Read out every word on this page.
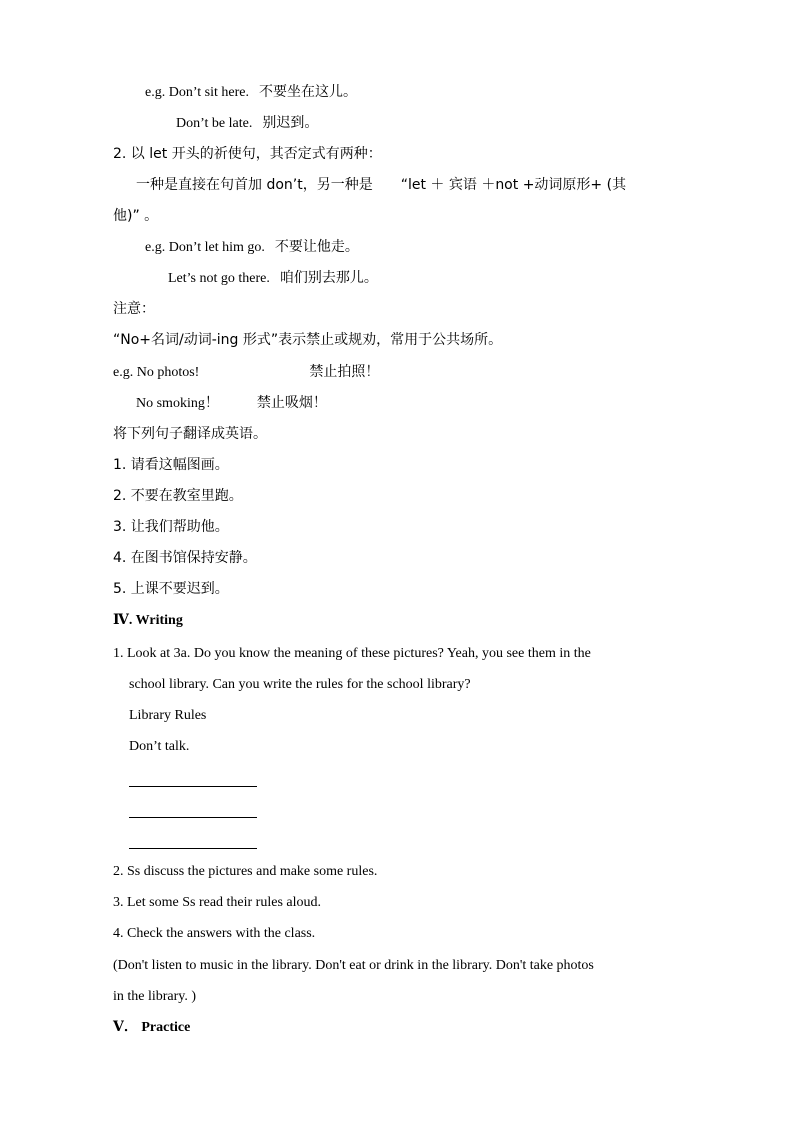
e.g. Don’t sit here. 不要坐在这儿。
Don’t be late. 别迟到。
2. 以 let 开头的祈使句，其否定式有两种：
一种是直接在句首加 don’t，另一种是 “let ＋ 宾语 ＋not +动词原形+ (其
他)” 。
e.g. Don’t let him go. 不要让他走。
Let’s not go there. 咱们别去那儿。
注意：
“No+名词/动词-ing 形式”表示禁止或规劝，常用于公共场所。
e.g. No photos!	禁止拍照！
No smoking！	禁止吸烟！
将下列句子翻译成英语。
1. 请看这幅图画。
2. 不要在教室里跑。
3. 让我们帮助他。
4. 在图书馆保持安静。
5. 上课不要迟到。
Ⅳ. Writing
1. Look at 3a. Do you know the meaning of these pictures? Yeah, you see them in the
school library. Can you write the rules for the school library?
Library Rules
Don’t talk.
2. Ss discuss the pictures and make some rules.
3. Let some Ss read their rules aloud.
4. Check the answers with the class.
(Don't listen to music in the library. Don't eat or drink in the library. Don't take photos
in the library. )
Ⅴ． Practice
